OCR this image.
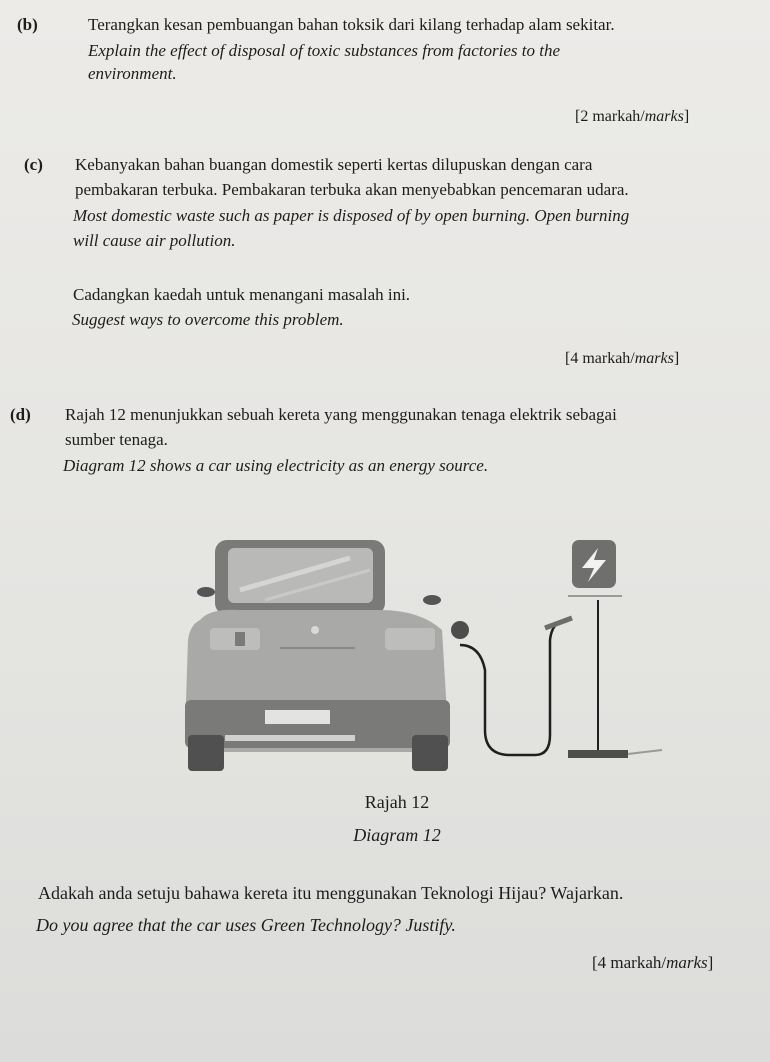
(b)	Terangkan kesan pembuangan bahan toksik dari kilang terhadap alam sekitar.
Explain the effect of disposal of toxic substances from factories to the
environment.
[2 markah/marks]
(c) Kebanyakan bahan buangan domestik seperti kertas dilupuskan dengan cara
pembakaran terbuka. Pembakaran terbuka akan menyebabkan pencemaran udara.
Most domestic waste such as paper is disposed of by open burning. Open burning
will cause air pollution.
Cadangkan kaedah untuk menangani masalah ini.
Suggest ways to overcome this problem.
[4 markah/marks]
(d) Rajah 12 menunjukkan sebuah kereta yang menggunakan tenaga elektrik sebagai
sumber tenaga.
Diagram 12 shows a car using electricity as an energy source.
Rajah 12
Diagram 12
Adakah anda setuju bahawa kereta itu menggunakan Teknologi Hijau? Wajarkan.
Do you agree that the car uses Green Technology? Justify.
[4 markah/marks]
